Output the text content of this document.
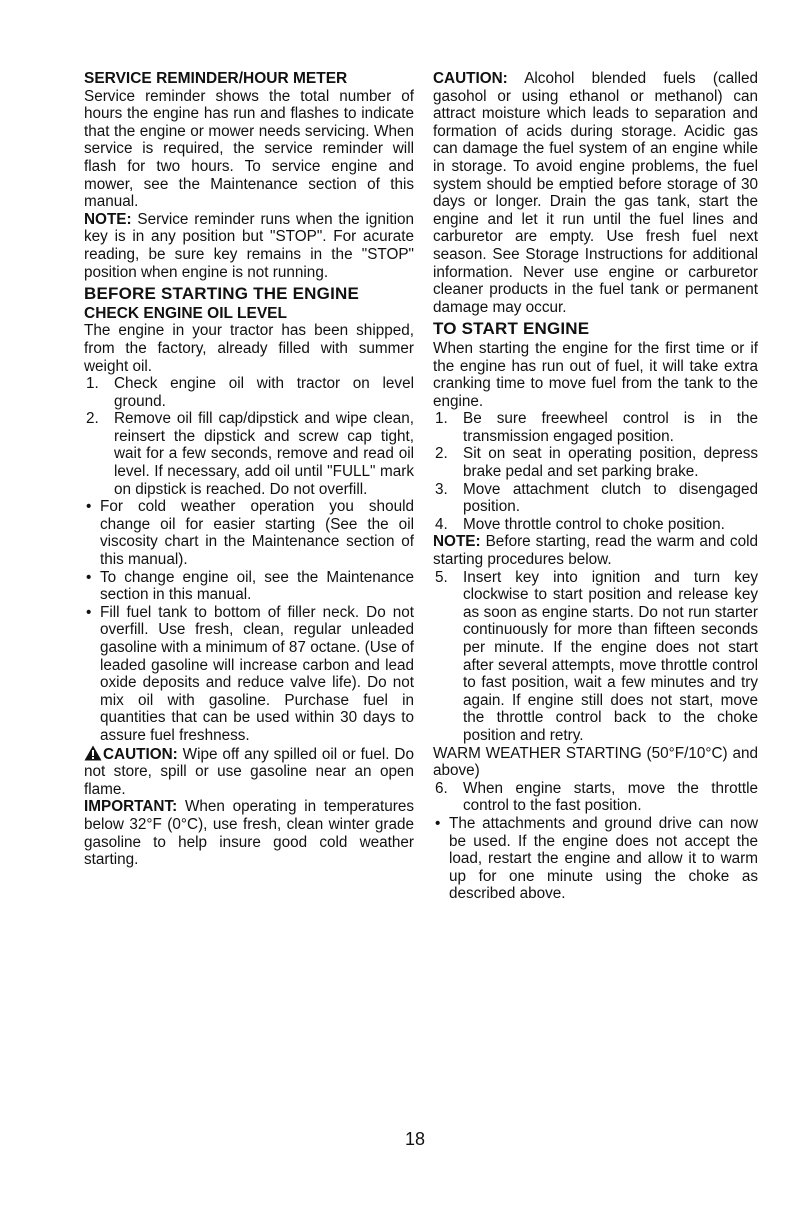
SERVICE REMINDER/HOUR METER

Service reminder shows the total number of hours the engine has run and flashes to indicate that the engine or mower needs servicing. When service is required, the service reminder will flash for two hours. To service engine and mower, see the Maintenance section of this manual.

NOTE: Service reminder runs when the ignition key is in any position but "STOP". For acurate reading, be sure key remains in the "STOP" position when engine is not running.

BEFORE STARTING THE ENGINE

CHECK ENGINE OIL LEVEL

The engine in your tractor has been shipped, from the factory, already filled with summer weight oil.

1. Check engine oil with tractor on level ground.
2. Remove oil fill cap/dipstick and wipe clean, reinsert the dipstick and screw cap tight, wait for a few seconds, remove and read oil level. If necessary, add oil until "FULL" mark on dipstick is reached. Do not overfill.
• For cold weather operation you should change oil for easier starting (See the oil viscosity chart in the Maintenance section of this manual).
• To change engine oil, see the Maintenance section in this manual.
• Fill fuel tank to bottom of filler neck. Do not overfill. Use fresh, clean, regular unleaded gasoline with a minimum of 87 octane. (Use of leaded gasoline will increase carbon and lead oxide deposits and reduce valve life). Do not mix oil with gasoline. Purchase fuel in quantities that can be used within 30 days to assure fuel freshness.

CAUTION: Wipe off any spilled oil or fuel. Do not store, spill or use gasoline near an open flame.

IMPORTANT: When operating in temperatures below 32°F (0°C), use fresh, clean winter grade gasoline to help insure good cold weather starting.

CAUTION: Alcohol blended fuels (called gasohol or using ethanol or methanol) can attract moisture which leads to separation and formation of acids during storage. Acidic gas can damage the fuel system of an engine while in storage. To avoid engine problems, the fuel system should be emptied before storage of 30 days or longer. Drain the gas tank, start the engine and let it run until the fuel lines and carburetor are empty. Use fresh fuel next season. See Storage Instructions for additional information. Never use engine or carburetor cleaner products in the fuel tank or permanent damage may occur.

TO START ENGINE

When starting the engine for the first time or if the engine has run out of fuel, it will take extra cranking time to move fuel from the tank to the engine.

1. Be sure freewheel control is in the transmission engaged position.
2. Sit on seat in operating position, depress brake pedal and set parking brake.
3. Move attachment clutch to disengaged position.
4. Move throttle control to choke position.

NOTE: Before starting, read the warm and cold starting procedures below.

5. Insert key into ignition and turn key clockwise to start position and release key as soon as engine starts. Do not run starter continuously for more than fifteen seconds per minute. If the engine does not start after several attempts, move throttle control to fast position, wait a few minutes and try again. If engine still does not start, move the throttle control back to the choke position and retry.

WARM WEATHER STARTING (50°F/10°C) and above)

6. When engine starts, move the throttle control to the fast position.
• The attachments and ground drive can now be used. If the engine does not accept the load, restart the engine and allow it to warm up for one minute using the choke as described above.
18
